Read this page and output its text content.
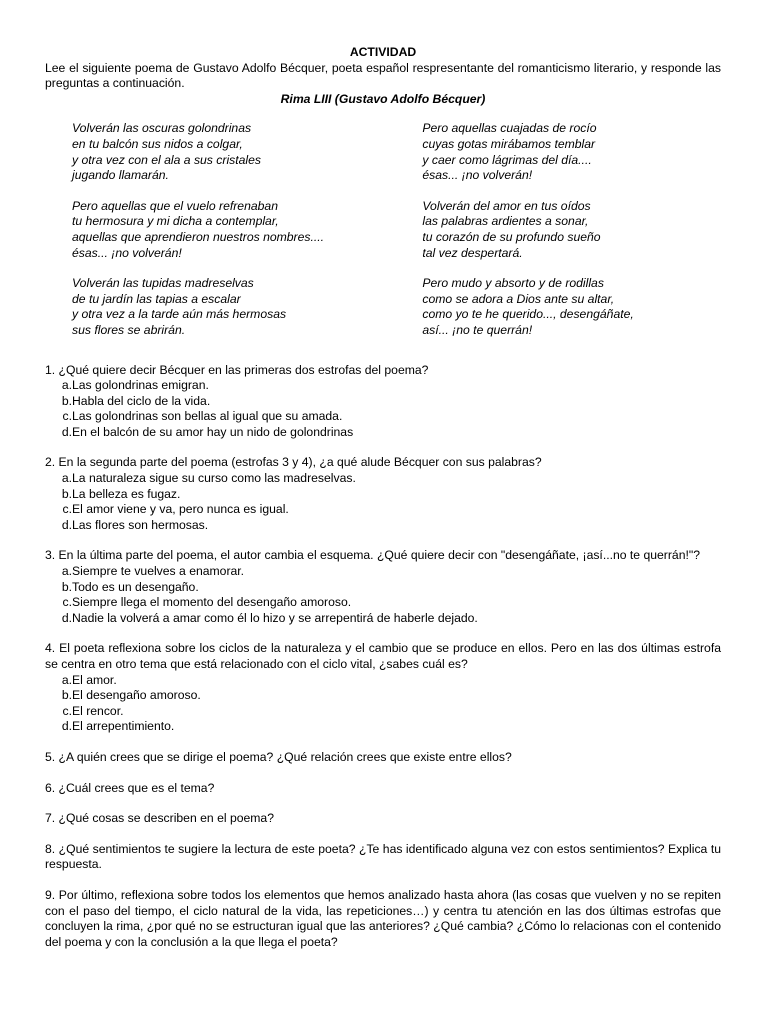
ACTIVIDAD

Lee el siguiente poema de Gustavo Adolfo Bécquer, poeta español respresentante del romanticismo literario, y responde las preguntas a continuación.

Rima LIII (Gustavo Adolfo Bécquer)

Volverán las oscuras golondrinas
en tu balcón sus nidos a colgar,
y otra vez con el ala a sus cristales
jugando llamarán.
Pero aquellas que el vuelo refrenaban
tu hermosura y mi dicha a contemplar,
aquellas que aprendieron nuestros nombres....
ésas... ¡no volverán!
Volverán las tupidas madreselvas
de tu jardín las tapias a escalar
y otra vez a la tarde aún más hermosas
sus flores se abrirán.
Pero aquellas cuajadas de rocío
cuyas gotas mirábamos temblar
y caer como lágrimas del día....
ésas... ¡no volverán!
Volverán del amor en tus oídos
las palabras ardientes a sonar,
tu corazón de su profundo sueño
tal vez despertará.
Pero mudo y absorto y de rodillas
como se adora a Dios ante su altar,
como yo te he querido..., desengáñate,
así... ¡no te querrán!

1. ¿Qué quiere decir Bécquer en las primeras dos estrofas del poema?

a. Las golondrinas emigran.
b. Habla del ciclo de la vida.
c. Las golondrinas son bellas al igual que su amada.
d. En el balcón de su amor hay un nido de golondrinas

2. En la segunda parte del poema (estrofas 3 y 4), ¿a qué alude Bécquer con sus palabras?

a. La naturaleza sigue su curso como las madreselvas.
b. La belleza es fugaz.
c. El amor viene y va, pero nunca es igual.
d. Las flores son hermosas.

3. En la última parte del poema, el autor cambia el esquema. ¿Qué quiere decir con "desengáñate, ¡así...no te querrán!"?

a. Siempre te vuelves a enamorar.
b. Todo es un desengaño.
c. Siempre llega el momento del desengaño amoroso.
d. Nadie la volverá a amar como él lo hizo y se arrepentirá de haberle dejado.

4. El poeta reflexiona sobre los ciclos de la naturaleza y el cambio que se produce en ellos. Pero en las dos últimas estrofa se centra en otro tema que está relacionado con el ciclo vital, ¿sabes cuál es?

a. El amor.
b. El desengaño amoroso.
c. El rencor.
d. El arrepentimiento.

5. ¿A quién crees que se dirige el poema? ¿Qué relación crees que existe entre ellos?

6. ¿Cuál crees que es el tema?

7. ¿Qué cosas se describen en el poema?

8. ¿Qué sentimientos te sugiere la lectura de este poeta? ¿Te has identificado alguna vez con estos sentimientos? Explica tu respuesta.

9. Por último, reflexiona sobre todos los elementos que hemos analizado hasta ahora (las cosas que vuelven y no se repiten con el paso del tiempo, el ciclo natural de la vida, las repeticiones…) y centra tu atención en las dos últimas estrofas que concluyen la rima, ¿por qué no se estructuran igual que las anteriores? ¿Qué cambia? ¿Cómo lo relacionas con el contenido del poema y con la conclusión a la que llega el poeta?
